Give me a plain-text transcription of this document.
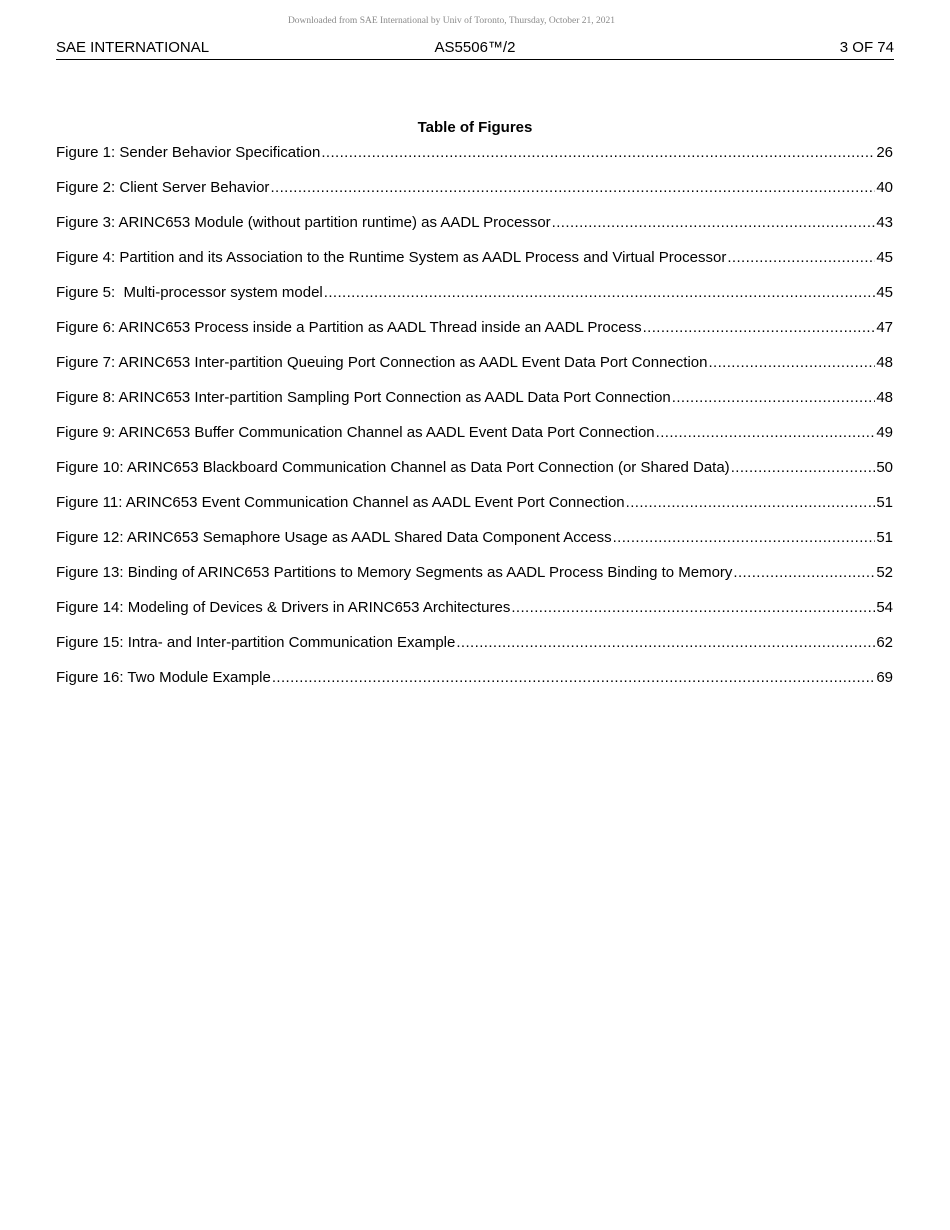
Downloaded from SAE International by Univ of Toronto, Thursday, October 21, 2021
SAE INTERNATIONAL	AS5506™/2	3 OF 74
Table of Figures
Figure 1: Sender Behavior Specification .....	26
Figure 2: Client Server Behavior .....	40
Figure 3: ARINC653 Module (without partition runtime) as AADL Processor .....	43
Figure 4: Partition and its Association to the Runtime System as AADL Process and Virtual Processor .....	45
Figure 5:  Multi-processor system model .....	45
Figure 6: ARINC653 Process inside a Partition as AADL Thread inside an AADL Process .....	47
Figure 7: ARINC653 Inter-partition Queuing Port Connection as AADL Event Data Port Connection .....	48
Figure 8: ARINC653 Inter-partition Sampling Port Connection as AADL Data Port Connection .....	48
Figure 9: ARINC653 Buffer Communication Channel as AADL Event Data Port Connection .....	49
Figure 10: ARINC653 Blackboard Communication Channel as Data Port Connection (or Shared Data) .....	50
Figure 11: ARINC653 Event Communication Channel as AADL Event Port Connection .....	51
Figure 12: ARINC653 Semaphore Usage as AADL Shared Data Component Access .....	51
Figure 13: Binding of ARINC653 Partitions to Memory Segments as AADL Process Binding to Memory .....	52
Figure 14: Modeling of Devices & Drivers in ARINC653 Architectures .....	54
Figure 15: Intra- and Inter-partition Communication Example .....	62
Figure 16: Two Module Example .....	69
